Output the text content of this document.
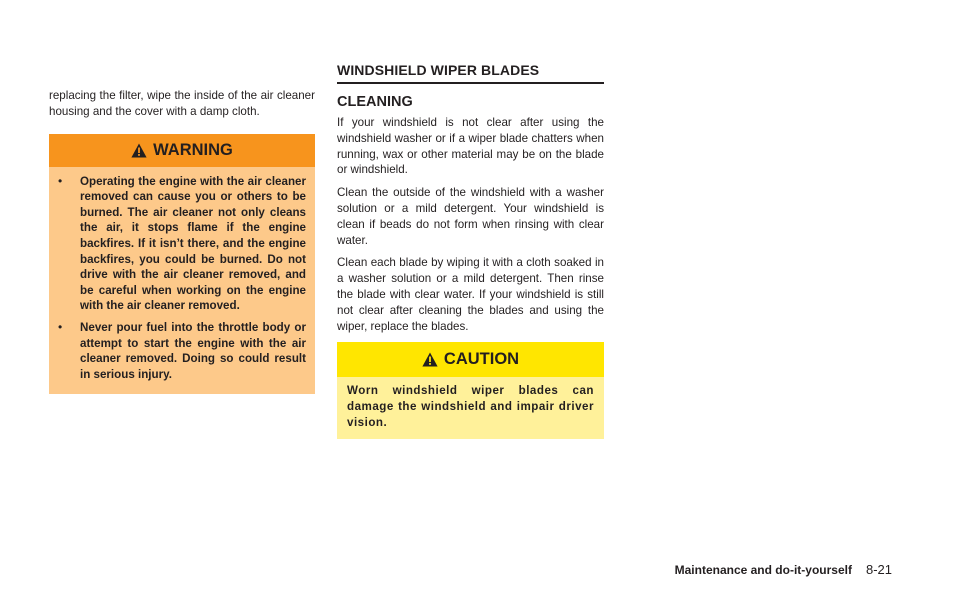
replacing the filter, wipe the inside of the air cleaner housing and the cover with a damp cloth.

WARNING
•	Operating the engine with the air cleaner removed can cause you or others to be burned. The air cleaner not only cleans the air, it stops flame if the engine backfires. If it isn’t there, and the engine backfires, you could be burned. Do not drive with the air cleaner removed, and be careful when working on the engine with the air cleaner removed.
•	Never pour fuel into the throttle body or attempt to start the engine with the air cleaner removed. Doing so could result in serious injury.
WINDSHIELD WIPER BLADES
CLEANING

If your windshield is not clear after using the windshield washer or if a wiper blade chatters when running, wax or other material may be on the blade or windshield.

Clean the outside of the windshield with a washer solution or a mild detergent. Your windshield is clean if beads do not form when rinsing with clear water.

Clean each blade by wiping it with a cloth soaked in a washer solution or a mild detergent. Then rinse the blade with clear water. If your windshield is still not clear after cleaning the blades and using the wiper, replace the blades.

CAUTION
Worn windshield wiper blades can damage the windshield and impair driver vision.
Maintenance and do-it-yourself 8-21
